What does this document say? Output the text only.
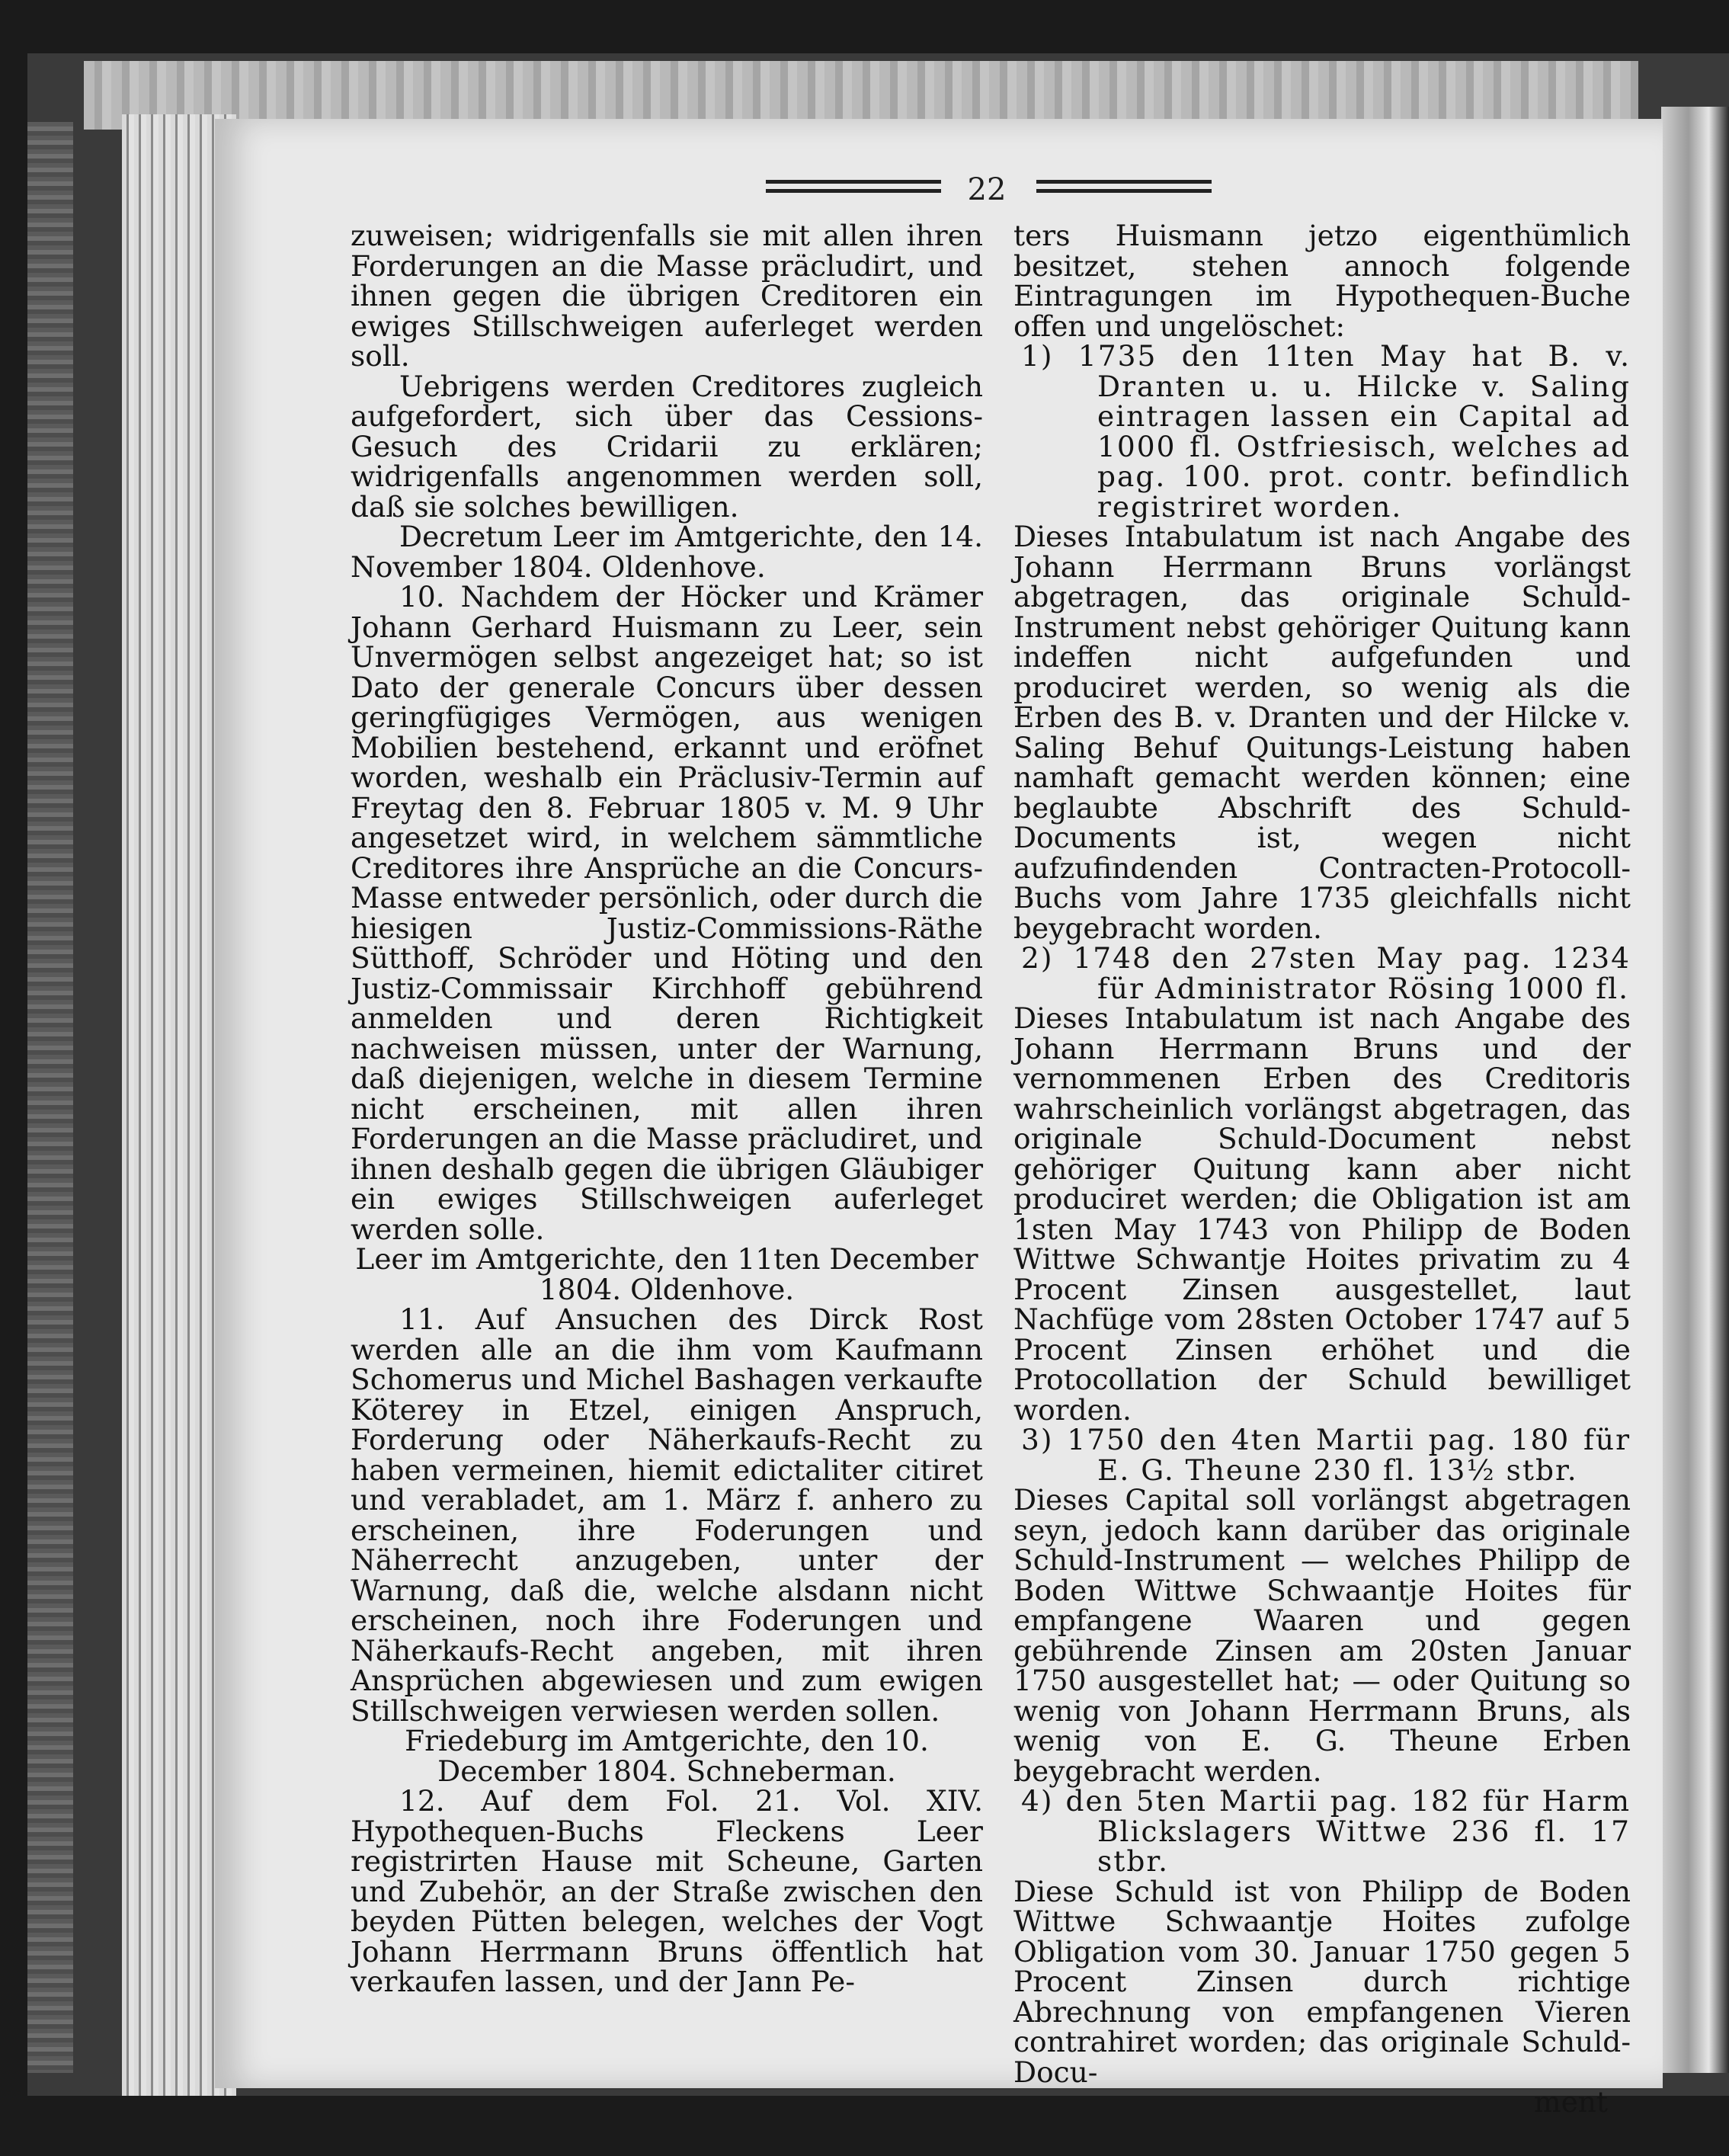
22

zuweisen; widrigenfalls sie mit allen ihren Forderungen an die Masse präcludirt, und ihnen gegen die übrigen Creditoren ein ewiges Stillschweigen auferleget werden soll.

Uebrigens werden Creditores zugleich aufgefordert, sich über das Cessions-Gesuch des Cridarii zu erklären; widrigenfalls angenommen werden soll, daß sie solches bewilligen.

Decretum Leer im Amtgerichte, den 14. November 1804. Oldenhove.

10. Nachdem der Höcker und Krämer Johann Gerhard Huismann zu Leer, sein Unvermögen selbst angezeiget hat; so ist Dato der generale Concurs über dessen geringfügiges Vermögen, aus wenigen Mobilien bestehend, erkannt und eröfnet worden, weshalb ein Präclusiv-Termin auf Freytag den 8. Februar 1805 v. M. 9 Uhr angesetzet wird, in welchem sämmtliche Creditores ihre Ansprüche an die Concurs-Masse entweder persönlich, oder durch die hiesigen Justiz-Commissions-Räthe Sütthoff, Schröder und Höting und den Justiz-Commissair Kirchhoff gebührend anmelden und deren Richtigkeit nachweisen müssen, unter der Warnung, daß diejenigen, welche in diesem Termine nicht erscheinen, mit allen ihren Forderungen an die Masse präcludiret, und ihnen deshalb gegen die übrigen Gläubiger ein ewiges Stillschweigen auferleget werden solle.

Leer im Amtgerichte, den 11ten December 1804. Oldenhove.

11. Auf Ansuchen des Dirck Rost werden alle an die ihm vom Kaufmann Schomerus und Michel Bashagen verkaufte Köterey in Etzel, einigen Anspruch, Forderung oder Näherkaufs-Recht zu haben vermeinen, hiemit edictaliter citiret und verabladet, am 1. März f. anhero zu erscheinen, ihre Foderungen und Näherrecht anzugeben, unter der Warnung, daß die, welche alsdann nicht erscheinen, noch ihre Foderungen und Näherkaufs-Recht angeben, mit ihren Ansprüchen abgewiesen und zum ewigen Stillschweigen verwiesen werden sollen.

Friedeburg im Amtgerichte, den 10. December 1804. Schneberman.

12. Auf dem Fol. 21. Vol. XIV. Hypothequen-Buchs Fleckens Leer registrirten Hause mit Scheune, Garten und Zubehör, an der Straße zwischen den beyden Pütten belegen, welches der Vogt Johann Herrmann Bruns öffentlich hat verkaufen lassen, und der Jann Pe-

ters Huismann jetzo eigenthümlich besitzet, stehen annoch folgende Eintragungen im Hypothequen-Buche offen und ungelöschet:

1) 1735 den 11ten May hat B. v. Dranten u. u. Hilcke v. Saling eintragen lassen ein Capital ad 1000 fl. Ostfriesisch, welches ad pag. 100. prot. contr. befindlich registriret worden.

Dieses Intabulatum ist nach Angabe des Johann Herrmann Bruns vorlängst abgetragen, das originale Schuld-Instrument nebst gehöriger Quitung kann indeffen nicht aufgefunden und produciret werden, so wenig als die Erben des B. v. Dranten und der Hilcke v. Saling Behuf Quitungs-Leistung haben namhaft gemacht werden können; eine beglaubte Abschrift des Schuld-Documents ist, wegen nicht aufzufindenden Contracten-Protocoll-Buchs vom Jahre 1735 gleichfalls nicht beygebracht worden.

2) 1748 den 27sten May pag. 1234 für Administrator Rösing 1000 fl.

Dieses Intabulatum ist nach Angabe des Johann Herrmann Bruns und der vernommenen Erben des Creditoris wahrscheinlich vorlängst abgetragen, das originale Schuld-Document nebst gehöriger Quitung kann aber nicht produciret werden; die Obligation ist am 1sten May 1743 von Philipp de Boden Wittwe Schwantje Hoites privatim zu 4 Procent Zinsen ausgestellet, laut Nachfüge vom 28sten October 1747 auf 5 Procent Zinsen erhöhet und die Protocollation der Schuld bewilliget worden.

3) 1750 den 4ten Martii pag. 180 für E. G. Theune 230 fl. 13½ stbr.

Dieses Capital soll vorlängst abgetragen seyn, jedoch kann darüber das originale Schuld-Instrument — welches Philipp de Boden Wittwe Schwaantje Hoites für empfangene Waaren und gegen gebührende Zinsen am 20sten Januar 1750 ausgestellet hat; — oder Quitung so wenig von Johann Herrmann Bruns, als wenig von E. G. Theune Erben beygebracht werden.

4) den 5ten Martii pag. 182 für Harm Blickslagers Wittwe 236 fl. 17 stbr.

Diese Schuld ist von Philipp de Boden Wittwe Schwaantje Hoites zufolge Obligation vom 30. Januar 1750 gegen 5 Procent Zinsen durch richtige Abrechnung von empfangenen Vieren contrahiret worden; das originale Schuld-Docu-

ment
